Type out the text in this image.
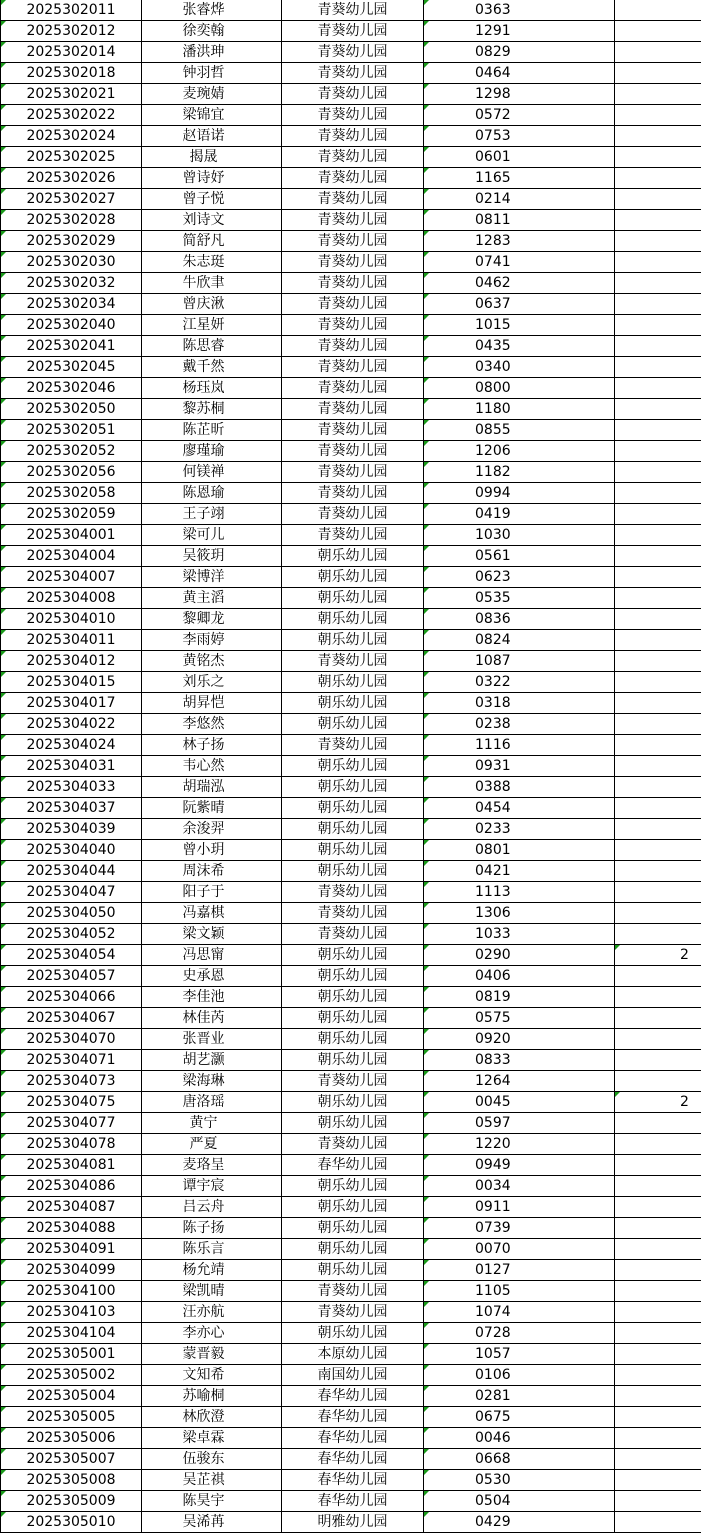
2025302011	张睿烨	青葵幼儿园	0363	
2025302012	徐奕翰	青葵幼儿园	1291	
2025302014	潘洪珅	青葵幼儿园	0829	
2025302018	钟羽哲	青葵幼儿园	0464	
2025302021	麦琬婧	青葵幼儿园	1298	
2025302022	梁锦宜	青葵幼儿园	0572	
2025302024	赵语诺	青葵幼儿园	0753	
2025302025	揭晟	青葵幼儿园	0601	
2025302026	曾诗妤	青葵幼儿园	1165	
2025302027	曾子悦	青葵幼儿园	0214	
2025302028	刘诗文	青葵幼儿园	0811	
2025302029	简舒凡	青葵幼儿园	1283	
2025302030	朱志珽	青葵幼儿园	0741	
2025302032	牛欣聿	青葵幼儿园	0462	
2025302034	曾庆湫	青葵幼儿园	0637	
2025302040	江星妍	青葵幼儿园	1015	
2025302041	陈思睿	青葵幼儿园	0435	
2025302045	戴千然	青葵幼儿园	0340	
2025302046	杨珏岚	青葵幼儿园	0800	
2025302050	黎苏桐	青葵幼儿园	1180	
2025302051	陈芷昕	青葵幼儿园	0855	
2025302052	廖瑾瑜	青葵幼儿园	1206	
2025302056	何镁禅	青葵幼儿园	1182	
2025302058	陈恩瑜	青葵幼儿园	0994	
2025302059	王子翊	青葵幼儿园	0419	
2025304001	梁可儿	青葵幼儿园	1030	
2025304004	吴筱玥	朝乐幼儿园	0561	
2025304007	梁博洋	朝乐幼儿园	0623	
2025304008	黄主滔	朝乐幼儿园	0535	
2025304010	黎卿龙	朝乐幼儿园	0836	
2025304011	李雨婷	朝乐幼儿园	0824	
2025304012	黄铭杰	青葵幼儿园	1087	
2025304015	刘乐之	朝乐幼儿园	0322	
2025304017	胡昇恺	朝乐幼儿园	0318	
2025304022	李悠然	朝乐幼儿园	0238	
2025304024	林子扬	青葵幼儿园	1116	
2025304031	韦心然	朝乐幼儿园	0931	
2025304033	胡瑞泓	朝乐幼儿园	0388	
2025304037	阮紫晴	朝乐幼儿园	0454	
2025304039	余浚羿	朝乐幼儿园	0233	
2025304040	曾小玥	朝乐幼儿园	0801	
2025304044	周沫希	朝乐幼儿园	0421	
2025304047	阳子于	青葵幼儿园	1113	
2025304050	冯嘉棋	青葵幼儿园	1306	
2025304052	梁文颖	青葵幼儿园	1033	
2025304054	冯思甯	朝乐幼儿园	0290	2
2025304057	史承恩	朝乐幼儿园	0406	
2025304066	李佳池	朝乐幼儿园	0819	
2025304067	林佳芮	朝乐幼儿园	0575	
2025304070	张晋业	朝乐幼儿园	0920	
2025304071	胡艺灏	朝乐幼儿园	0833	
2025304073	梁海琳	青葵幼儿园	1264	
2025304075	唐洛瑶	朝乐幼儿园	0045	2
2025304077	黄宁	朝乐幼儿园	0597	
2025304078	严夏	青葵幼儿园	1220	
2025304081	麦珞呈	春华幼儿园	0949	
2025304086	谭宇宸	朝乐幼儿园	0034	
2025304087	吕云舟	朝乐幼儿园	0911	
2025304088	陈子扬	朝乐幼儿园	0739	
2025304091	陈乐言	朝乐幼儿园	0070	
2025304099	杨允靖	朝乐幼儿园	0127	
2025304100	梁凯晴	青葵幼儿园	1105	
2025304103	汪亦航	青葵幼儿园	1074	
2025304104	李亦心	朝乐幼儿园	0728	
2025305001	蒙晋毅	本原幼儿园	1057	
2025305002	文知希	南国幼儿园	0106	
2025305004	苏喻桐	春华幼儿园	0281	
2025305005	林欣澄	春华幼儿园	0675	
2025305006	梁卓霖	春华幼儿园	0046	
2025305007	伍骏东	春华幼儿园	0668	
2025305008	吴芷祺	春华幼儿园	0530	
2025305009	陈昊宇	春华幼儿园	0504	
2025305010	吴浠苒	明雅幼儿园	0429	
